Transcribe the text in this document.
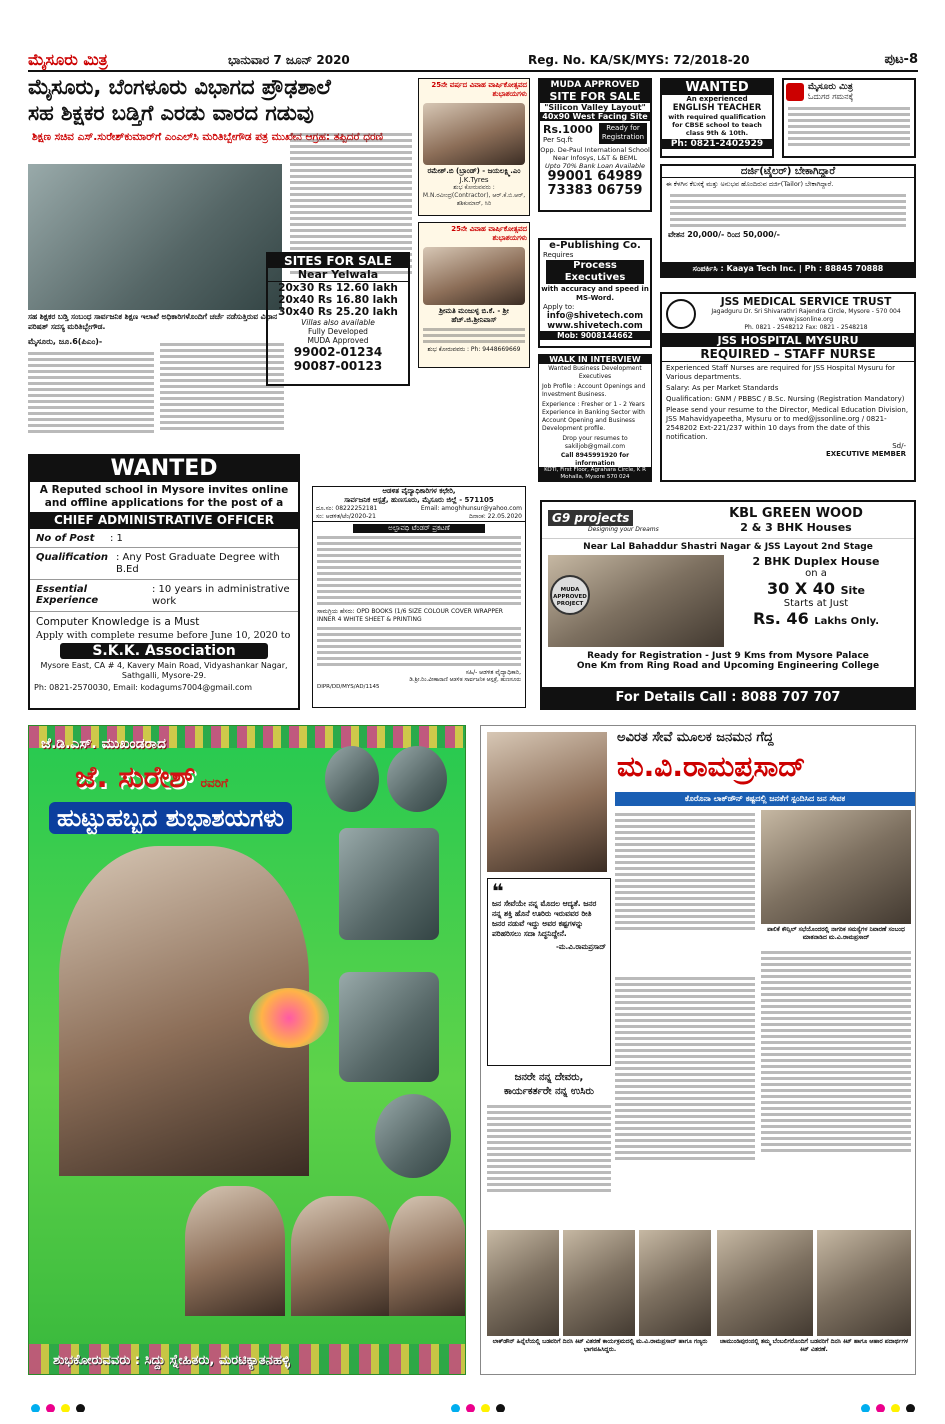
ಮೈಸೂರು ಮಿತ್ರ	ಭಾನುವಾರ 7 ಜೂನ್ 2020	Reg. No. KA/SK/MYS: 72/2018-20	ಪುಟ-8
ಮೈಸೂರು, ಬೆಂಗಳೂರು ವಿಭಾಗದ ಪ್ರೌಢಶಾಲೆ
ಸಹ ಶಿಕ್ಷಕರ ಬಡ್ತಿಗೆ ಎರಡು ವಾರದ ಗಡುವು
ಶಿಕ್ಷಣ ಸಚಿವ ಎಸ್.ಸುರೇಶ್‌ಕುಮಾರ್‌ಗೆ ಎಂಎಲ್‌ಸಿ ಮರಿತಿಬ್ಬೇಗೌಡ ಪತ್ರ ಮುಖೇನ ಆಗ್ರಹ: ತಪ್ಪಿದರೆ ಧರಣಿ
ಸಹ ಶಿಕ್ಷಕರ ಬಡ್ತಿ ಸಂಬಂಧ ಸಾರ್ವಜನಿಕ ಶಿಕ್ಷಣ ಇಲಾಖೆ ಅಧಿಕಾರಿಗಳೊಂದಿಗೆ ಚರ್ಚೆ ನಡೆಸುತ್ತಿರುವ ವಿಧಾನ ಪರಿಷತ್ ಸದಸ್ಯ ಮರಿತಿಬ್ಬೇಗೌಡ.
ಮೈಸೂರು, ಜೂ.6(ಪಿಎಂ)-
25ನೇ ವರ್ಷದ ವಿವಾಹ ವಾರ್ಷಿಕೋತ್ಸವದ ಶುಭಾಶಯಗಳು
ರಮೇಶ್.ಬಿ (ಬ್ರಾಂಡ್) - ಜಯಲಕ್ಷ್ಮಿ.ಎಂ
J.K.Tyres
ಶುಭ ಕೋರುವವರು : M.N.ರವೀಂದ್ರ(Contractor), ಆರ್.ಕೆ.ಬಿ.ಆರ್, ಶಶಿಕುಮಾರ್, ಸಿರಿ
MUDA APPROVED
SITE FOR SALE
"Silicon Valley Layout"
40x90 West Facing Site
Rs.1000
Per Sq.ft
Ready for Registration
Opp. De-Paul International School Near Infosys, L&T & BEML
Upto 70% Bank Loan Available
99001 64989
73383 06759
WANTED
An experienced
ENGLISH TEACHER
with required qualification for CBSE school to teach class 9th & 10th.
Ph: 0821-2402929
ಮೈಸೂರು ಮಿತ್ರ
ಓದುಗರ ಗಮನಕ್ಕೆ
ದರ್ಜಿ(ಟೈಲರ್) ಬೇಕಾಗಿದ್ದಾರೆ
ಈ ಕೆಳಗಿನ ಕೆಲಸಕ್ಕೆ ಮತ್ತು ಅನುಭವ ಹೊಂದಿರುವ ದರ್ಜಿ(Tailor) ಬೇಕಾಗಿದ್ದಾರೆ.
ವೇತನ 20,000/- ರಿಂದ 50,000/-
ಸಂಪರ್ಕಿಸಿ : Kaaya Tech Inc. | Ph : 88845 70888
25ನೇ ವಿವಾಹ ವಾರ್ಷಿಕೋತ್ಸವದ ಶುಭಾಶಯಗಳು
ಶ್ರೀಮತಿ ಮಂಜುಳ್ಳ ಬಿ.ಕೆ. - ಶ್ರೀ ಹೆಚ್.ಜಿ.ಶ್ರೀನಿವಾಸ್
ಶುಭ ಕೋರುವವರು : Ph: 9448669669
SITES FOR SALE
Near Yelwala
20x30 Rs 12.60 lakh
20x40 Rs 16.80 lakh
30x40 Rs 25.20 lakh
Villas also available
Fully Developed
MUDA Approved
99002-01234
90087-00123
e-Publishing Co.
Requires
Process Executives
with accuracy and speed in MS-Word.
Apply to:
info@shivetech.com
www.shivetech.com
Mob: 9008144662
WALK IN INTERVIEW
Wanted Business Development Executives
Job Profile : Account Openings and Investment Business.
Experience : Fresher or 1 - 2 Years Experience in Banking Sector with Account Opening and Business Development profile.
Drop your resumes to sakiljob@gmail.com
Call 8945991920 for information
KOTI, First Floor, Agrahara Circle, K R Mohalla, Mysore 570 024
JSS MEDICAL SERVICE TRUST
Jagadguru Dr. Sri Shivarathri Rajendra Circle, Mysore - 570 004 www.jssonline.org
Ph. 0821 - 2548212 Fax: 0821 - 2548218
JSS HOSPITAL MYSURU
REQUIRED – STAFF NURSE
Experienced Staff Nurses are required for JSS Hospital Mysuru for Various departments.
Salary: As per Market Standards
Qualification: GNM / PBBSC / B.Sc. Nursing (Registration Mandatory)
Please send your resume to the Director, Medical Education Division, JSS Mahavidyapeetha, Mysuru or to med@jssonline.org / 0821-2548202 Ext-221/237 within 10 days from the date of this notification.
Sd/-
EXECUTIVE MEMBER
WANTED
A Reputed school in Mysore invites online and offline applications for the post of a
CHIEF ADMINISTRATIVE OFFICER
No of Post	: 1
Qualification : Any Post Graduate Degree with B.Ed
Essential Experience
: 10 years in administrative work
Computer Knowledge is a Must
Apply with complete resume before June 10, 2020 to
S.K.K. Association
Mysore East, CA # 4, Kavery Main Road, Vidyashankar Nagar, Sathgalli, Mysore-29.
Ph: 0821-2570030, Email: kodagums7004@gmail.com
ಆಡಳಿತ ವೈದ್ಯಾಧಿಕಾರಿಗಳ ಕಛೇರಿ,
ಸಾರ್ವಜನಿಕ ಆಸ್ಪತ್ರೆ, ಹುಣಸೂರು, ಮೈಸೂರು ಜಿಲ್ಲೆ - 571105
ದೂ.ಸಂ: 08222252181	Email: amoghhunsur@yahoo.com
ಸಂ: ಆಡಳಿತ/ಟೆಂ/2020-21	ದಿನಾಂಕ: 22.05.2020
ಅಲ್ಪಾವಧಿ ಟೆಂಡರ್ ಪ್ರಕಟಣೆ
ಸಾಮಗ್ರಿಯ ಹೆಸರು: OPD BOOKS (1/6 SIZE COLOUR COVER WRAPPER INNER 4 WHITE SHEET & PRINTING
ಸಹಿ/- ಆಡಳಿತ ವೈದ್ಯಾಧಿಕಾರಿ,
ಡಿ.ಶ್ರೀ.ರಿಂ.ವೀಣಾರಾಣಿ ಆಡಳಿತ ಸಾರ್ವಜನಿಕ ಆಸ್ಪತ್ರೆ, ಹುಣಸೂರು
DIPR/DD/MYS/AD/1145
G9 projects
Designing your Dreams
KBL GREEN WOOD
2 & 3 BHK Houses
Near Lal Bahaddur Shastri Nagar & JSS Layout 2nd Stage
MUDA APPROVED PROJECT
2 BHK Duplex House
on a
30 X 40 Site
Starts at Just
Rs. 46 Lakhs Only.
Ready for Registration - Just 9 Kms from Mysore Palace
One Km from Ring Road and Upcoming Engineering College
For Details Call : 8088 707 707
ಜೆ.ಡಿ.ಎಸ್. ಮುಖಂಡರಾದ
ಜೆ. ಸುರೇಶ್ ರವರಿಗೆ
ಹುಟ್ಟುಹಬ್ಬದ ಶುಭಾಶಯಗಳು
ಶುಭಕೋರುವವರು : ಸಿದ್ದು ಸ್ನೇಹಿತರು, ಮರಟಿಕ್ಯಾತನಹಳ್ಳಿ
ಅವಿರತ ಸೇವೆ ಮೂಲಕ ಜನಮನ ಗೆದ್ದ
ಮ.ವಿ.ರಾಮಪ್ರಸಾದ್
ಕೊರೊನಾ ಲಾಕ್‌ಡೌನ್ ಕಷ್ಟದಲ್ಲಿ ಜನತೆಗೆ ಸ್ಪಂದಿಸಿದ ಜನ ಸೇವಕ
ಪಾಲಿಕೆ ಕೌನ್ಸಿಲ್ ಸಭೆಯೊಂದರಲ್ಲಿ ನಾಗರಿಕ ಸಮಸ್ಯೆಗಳ ನಿವಾರಣೆ ಸಂಬಂಧ ಮಾತನಾಡಿದ ಮ.ವಿ.ರಾಮಪ್ರಸಾದ್
❝
ಜನ ಸೇವೆಯೇ ನನ್ನ ಮೊದಲ ಆದ್ಯತೆ. ಜನರ ನನ್ನ ಶಕ್ತಿ ಹೊನೆ ಊರಿರು ಇರುವವರ ರೀತಿ ಜನರ ನಡುವೆ ಇದ್ದು ಅವರ ಕಷ್ಟಗಳನ್ನು ಪರಿಹರಿಸಲು ಸದಾ ಸಿದ್ಧನಿದ್ದೇನೆ.
-ಮ.ವಿ.ರಾಮಪ್ರಸಾದ್
ಜನರೇ ನನ್ನ ದೇವರು,
ಕಾರ್ಯಕರ್ತರೇ ನನ್ನ ಉಸಿರು
ಲಾಕ್‌ಡೌನ್ ಹಿನ್ನೆಲೆಯಲ್ಲಿ ಬಡವರಿಗೆ ದಿನಸಿ ಕಿಟ್ ವಿತರಣೆ ಕಾರ್ಯಕ್ರಮದಲ್ಲಿ ಮ.ವಿ.ರಾಮಪ್ರಸಾದ್ ಹಾಗೂ ಗಣ್ಯರು ಭಾಗವಹಿಸಿದ್ದರು.
ಚಾಮುಂಡಿಪುರಂನಲ್ಲಿ ತಮ್ಮ ಬೆಂಬಲಿಗರೊಂದಿಗೆ ಬಡವರಿಗೆ ದಿನಸಿ ಕಿಟ್ ಹಾಗೂ ಆಹಾರ ಪದಾರ್ಥಗಳ ಕಿಟ್ ವಿತರಣೆ.
